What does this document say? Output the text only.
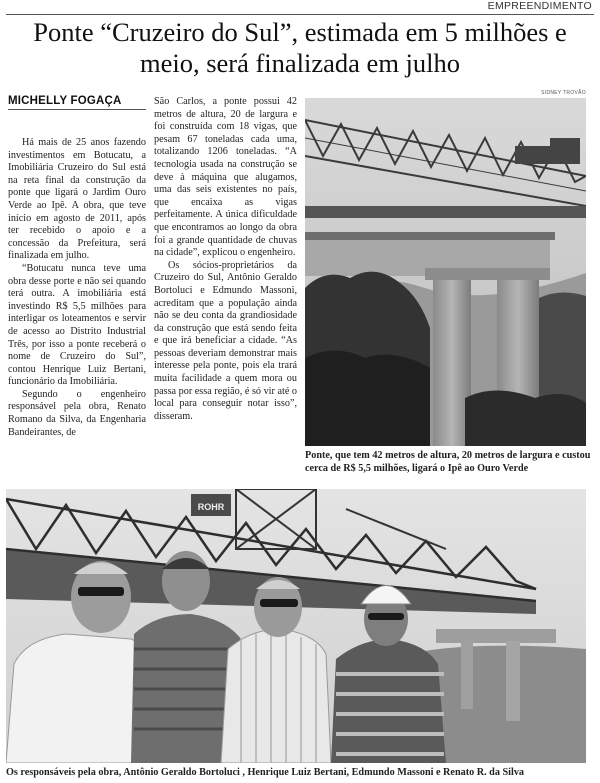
EMPREENDIMENTO
Ponte “Cruzeiro do Sul”, estimada em 5 milhões e meio, será finalizada em julho
MICHELLY FOGAÇA

Há mais de 25 anos fazendo investimentos em Botucatu, a Imobiliária Cruzeiro do Sul está na reta final da construção da ponte que ligará o Jardim Ouro Verde ao Ipê. A obra, que teve início em agosto de 2011, após ter recebido o apoio e a concessão da Prefeitura, será finalizada em julho.

“Botucatu nunca teve uma obra desse porte e não sei quando terá outra. A imobiliária está investindo R$ 5,5 milhões para interligar os loteamentos e servir de acesso ao Distrito Industrial Três, por isso a ponte receberá o nome de Cruzeiro do Sul”, contou Henrique Luiz Bertani, funcionário da Imobiliária.

Segundo o engenheiro responsável pela obra, Renato Romano da Silva, da Engenharia Bandeirantes, de

São Carlos, a ponte possui 42 metros de altura, 20 de largura e foi construída com 18 vigas, que pesam 67 toneladas cada uma, totalizando 1206 toneladas. “A tecnologia usada na construção se deve à máquina que alugamos, uma das seis existentes no país, que encaixa as vigas perfeitamente. A única dificuldade que encontramos ao longo da obra foi a grande quantidade de chuvas na cidade”, explicou o engenheiro.

Os sócios-proprietários da Cruzeiro do Sul, Antônio Geraldo Bortoluci e Edmundo Massoni, acreditam que a população ainda não se deu conta da grandiosidade da construção que está sendo feita e que irá beneficiar a cidade. “As pessoas deveriam demonstrar mais interesse pela ponte, pois ela trará muita facilidade a quem mora ou passa por essa região, é só vir até o local para conseguir notar isso”, disseram.

SIDNEY TROVÃO
Ponte, que tem 42 metros de altura, 20 metros de largura e custou cerca de R$ 5,5 milhões, ligará o Ipê ao Ouro Verde
ROHR
Os responsáveis pela obra, Antônio Geraldo Bortoluci , Henrique Luiz Bertani, Edmundo Massoni e Renato R. da Silva
